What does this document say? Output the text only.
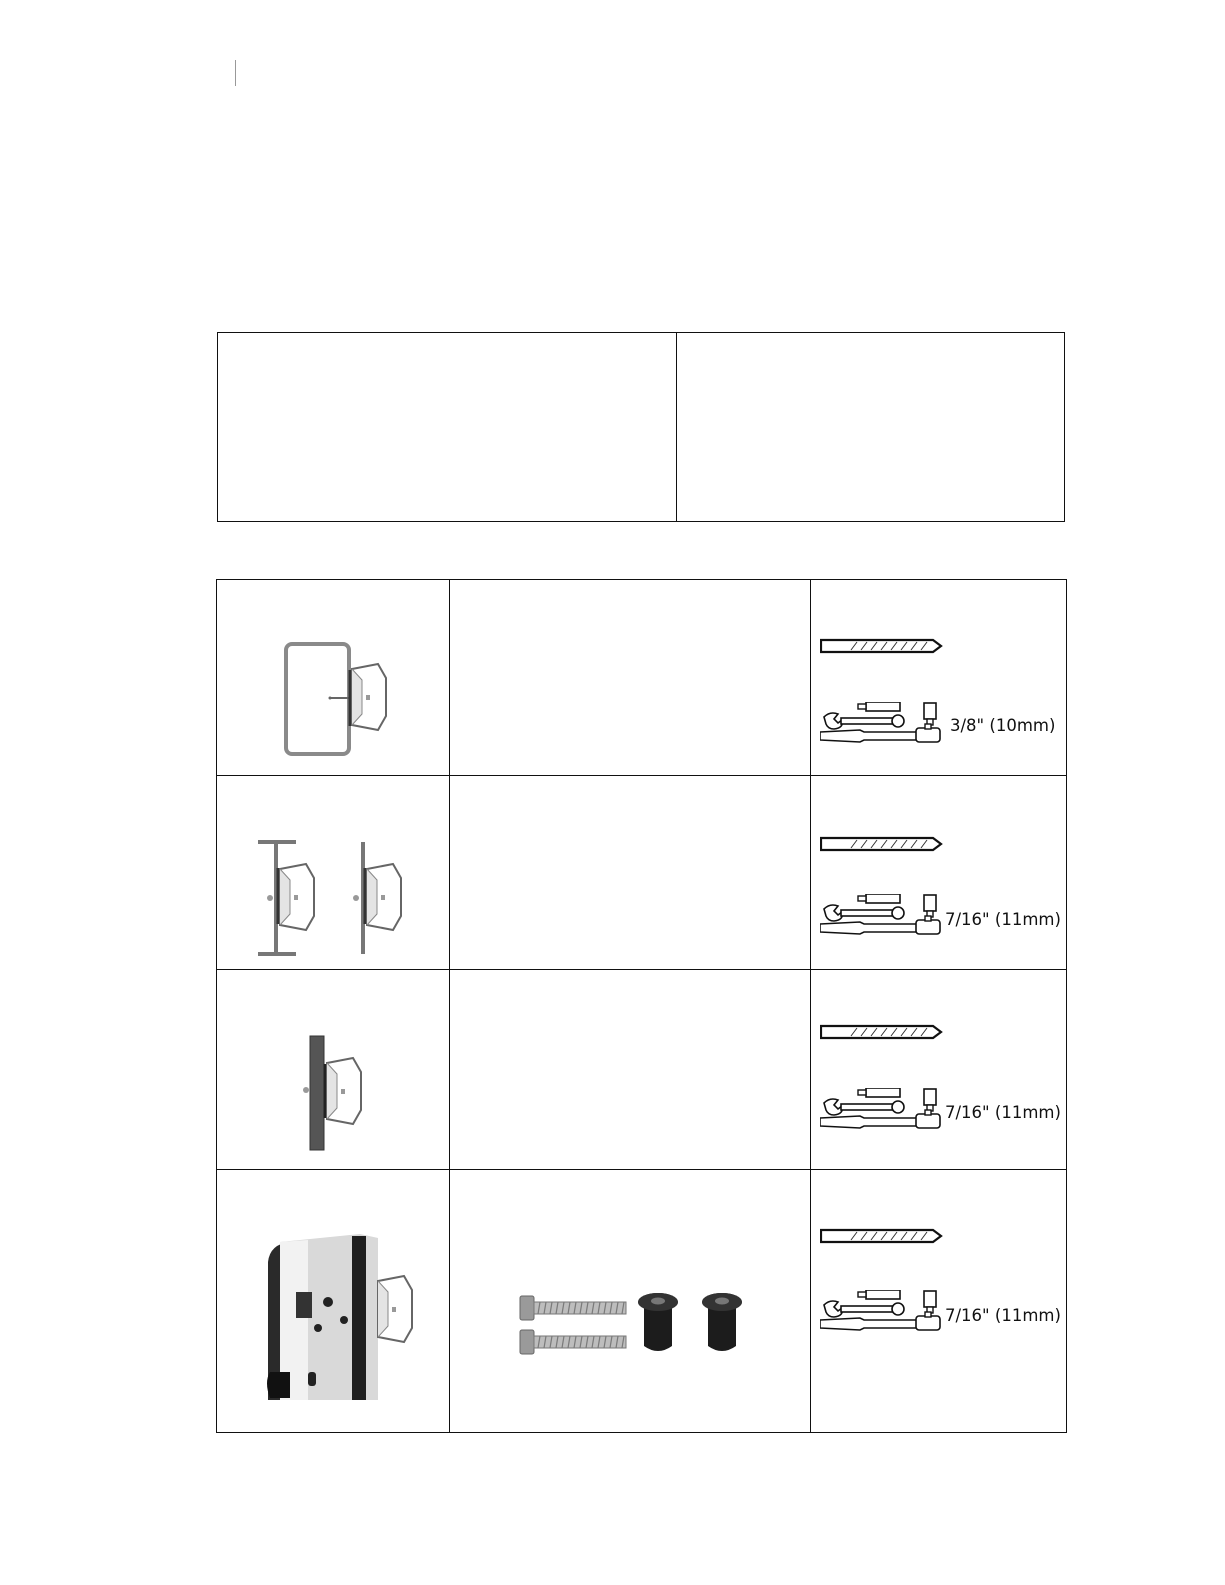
3/8" (10mm)
7/16" (11mm)
7/16" (11mm)
7/16" (11mm)
